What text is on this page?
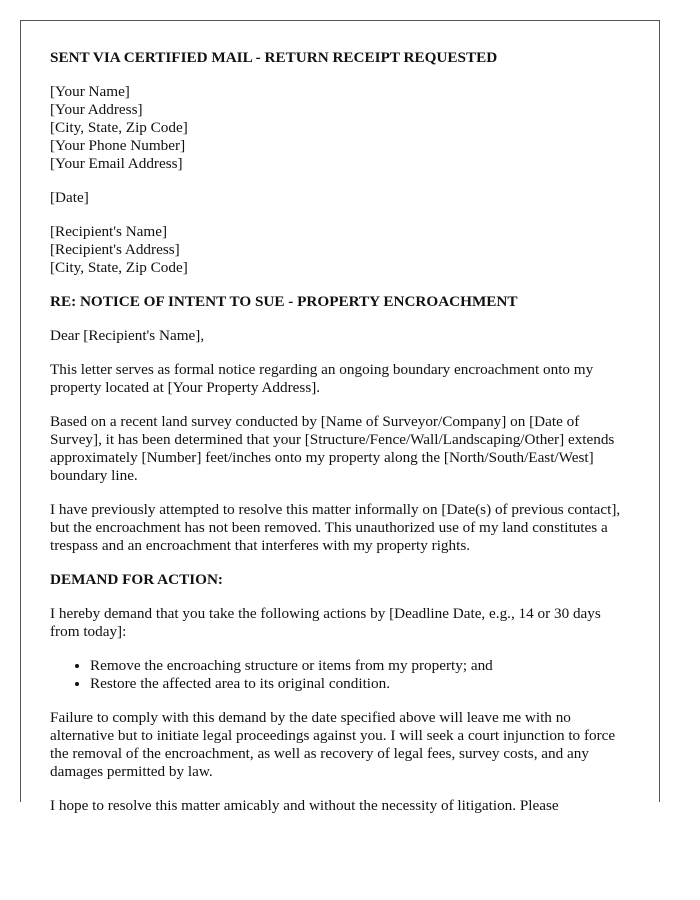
SENT VIA CERTIFIED MAIL - RETURN RECEIPT REQUESTED
[Your Name]
[Your Address]
[City, State, Zip Code]
[Your Phone Number]
[Your Email Address]
[Date]
[Recipient's Name]
[Recipient's Address]
[City, State, Zip Code]
RE: NOTICE OF INTENT TO SUE - PROPERTY ENCROACHMENT

Dear [Recipient's Name],

This letter serves as formal notice regarding an ongoing boundary encroachment onto my property located at [Your Property Address].

Based on a recent land survey conducted by [Name of Surveyor/Company] on [Date of Survey], it has been determined that your [Structure/Fence/Wall/Landscaping/Other] extends approximately [Number] feet/inches onto my property along the [North/South/East/West] boundary line.

I have previously attempted to resolve this matter informally on [Date(s) of previous contact], but the encroachment has not been removed. This unauthorized use of my land constitutes a trespass and an encroachment that interferes with my property rights.

DEMAND FOR ACTION:

I hereby demand that you take the following actions by [Deadline Date, e.g., 14 or 30 days from today]:

• Remove the encroaching structure or items from my property; and
• Restore the affected area to its original condition.

Failure to comply with this demand by the date specified above will leave me with no alternative but to initiate legal proceedings against you. I will seek a court injunction to force the removal of the encroachment, as well as recovery of legal fees, survey costs, and any damages permitted by law.

I hope to resolve this matter amicably and without the necessity of litigation. Please
